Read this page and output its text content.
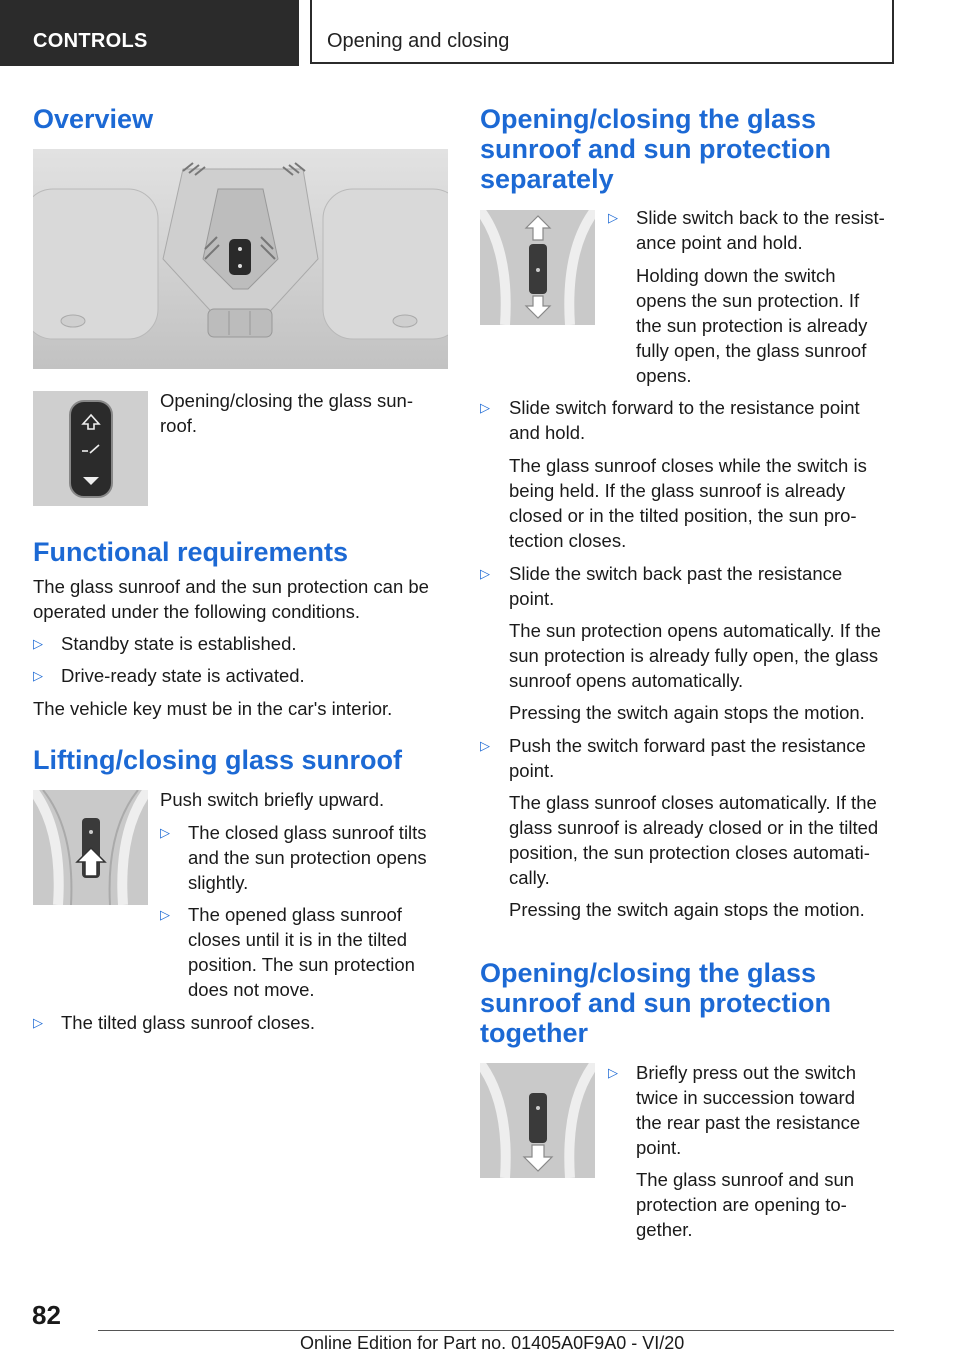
CONTROLS	Opening and closing
Overview
Opening/closing the glass sun-
roof.
Functional requirements
The glass sunroof and the sun protection can be operated under the following conditions.
▷ Standby state is established.
▷ Drive-ready state is activated.
The vehicle key must be in the car's interior.
Lifting/closing glass sunroof
Push switch briefly upward.
▷ The closed glass sunroof tilts
and the sun protection opens
slightly.
▷ The opened glass sunroof
closes until it is in the tilted
position. The sun protection
does not move.
▷ The tilted glass sunroof closes.
Opening/closing the glass
sunroof and sun protection
separately
▷ Slide switch back to the resist-
ance point and hold.
Holding down the switch
opens the sun protection. If
the sun protection is already
fully open, the glass sunroof
opens.
▷ Slide switch forward to the resistance point
and hold.
The glass sunroof closes while the switch is
being held. If the glass sunroof is already
closed or in the tilted position, the sun pro-
tection closes.
▷ Slide the switch back past the resistance
point.
The sun protection opens automatically. If the
sun protection is already fully open, the glass
sunroof opens automatically.
Pressing the switch again stops the motion.
▷ Push the switch forward past the resistance
point.
The glass sunroof closes automatically. If the
glass sunroof is already closed or in the tilted
position, the sun protection closes automati-
cally.
Pressing the switch again stops the motion.
Opening/closing the glass
sunroof and sun protection
together
▷ Briefly press out the switch
twice in succession toward
the rear past the resistance
point.
The glass sunroof and sun
protection are opening to-
gether.
82
Online Edition for Part no. 01405A0F9A0 - VI/20
